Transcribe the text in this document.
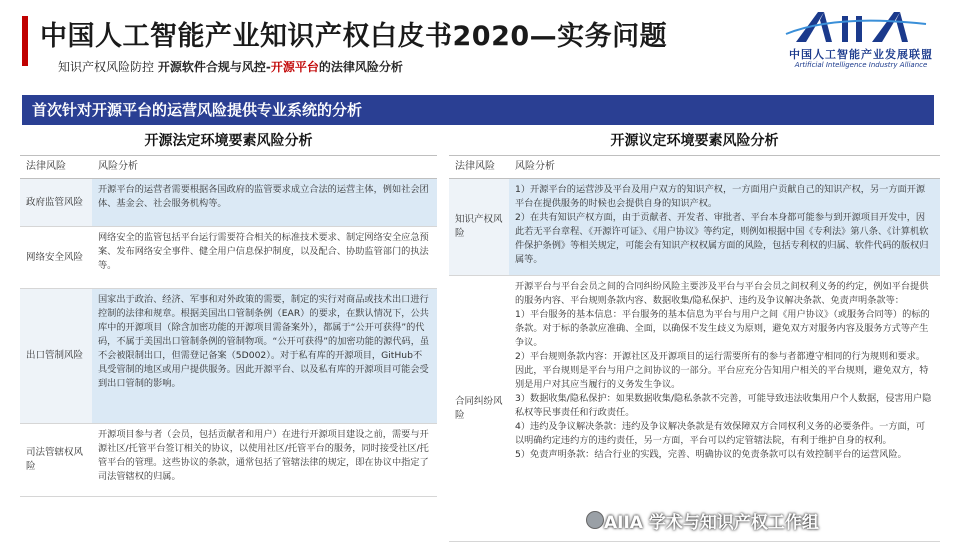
中国人工智能产业知识产权白皮书2020—实务问题
知识产权风险防控 开源软件合规与风控-开源平台的法律风险分析
中国人工智能产业发展联盟
Artificial Intelligence Industry Alliance
首次针对开源平台的运营风险提供专业系统的分析
开源法定环境要素风险分析
法律风险	风险分析
政府监管风险

开源平台的运营者需要根据各国政府的监管要求成立合法的运营主体，例如社会团体、基金会、社会服务机构等。

网络安全风险

网络安全的监管包括平台运行需要符合相关的标准技术要求、制定网络安全应急预案、发布网络安全事件、健全用户信息保护制度，以及配合、协助监管部门的执法等。

出口管制风险

国家出于政治、经济、军事和对外政策的需要，制定的实行对商品或技术出口进行控制的法律和规章。根据美国出口管制条例（EAR）的要求，在默认情况下，公共库中的开源项目（除含加密功能的开源项目需备案外），都属于“公开可获得”的代码，不属于美国出口管制条例的管制物项。“公开可获得”的加密功能的源代码，虽不会被限制出口，但需登记备案（5D002）。对于私有库的开源项目，GitHub不具受管制的地区或用户提供服务。因此开源平台、以及私有库的开源项目可能会受到出口管制的影响。

司法管辖权风险

开源项目参与者（会员，包括贡献者和用户）在进行开源项目建设之前，需要与开源社区/托管平台签订相关的协议，以使用社区/托管平台的服务，同时接受社区/托管平台的管理。这些协议的条款，通常包括了管辖法律的规定，即在协议中指定了司法管辖权的归属。

开源议定环境要素风险分析
法律风险	风险分析
知识产权风险

1）开源平台的运营涉及平台及用户双方的知识产权，一方面用户贡献自己的知识产权，另一方面开源平台在提供服务的时候也会提供自身的知识产权。

2）在共有知识产权方面，由于贡献者、开发者、审批者、平台本身都可能参与到开源项目开发中，因此若无平台章程、《开源许可证》、《用户协议》等约定，则例如根据中国《专利法》第八条、《计算机软件保护条例》等相关规定，可能会有知识产权权属方面的风险，包括专利权的归属、软件代码的版权归属等。

合同纠纷风险

开源平台与平台会员之间的合同纠纷风险主要涉及平台与平台会员之间权利义务的约定，例如平台提供的服务内容、平台规则条款内容、数据收集/隐私保护、违约及争议解决条款、免责声明条款等：

1）平台服务的基本信息：平台服务的基本信息为平台与用户之间《用户协议》（或服务合同等）的标的条款。对于标的条款应准确、全面，以确保不发生歧义为原则，避免双方对服务内容及服务方式等产生争议。

2）平台规则条款内容：开源社区及开源项目的运行需要所有的参与者都遵守相同的行为规则和要求。因此，平台规则是平台与用户之间协议的一部分。平台应充分告知用户相关的平台规则，避免双方，特别是用户对其应当履行的义务发生争议。

3）数据收集/隐私保护：如果数据收集/隐私条款不完善，可能导致违法收集用户个人数据，侵害用户隐私权等民事责任和行政责任。

4）违约及争议解决条款：违约及争议解决条款是有效保障双方合同权利义务的必要条件。一方面，可以明确约定违约方的违约责任，另一方面，平台可以约定管辖法院，有利于维护自身的权利。

5）免责声明条款：结合行业的实践，完善、明确协议的免责条款可以有效控制平台的运营风险。

AIIA 学术与知识产权工作组
